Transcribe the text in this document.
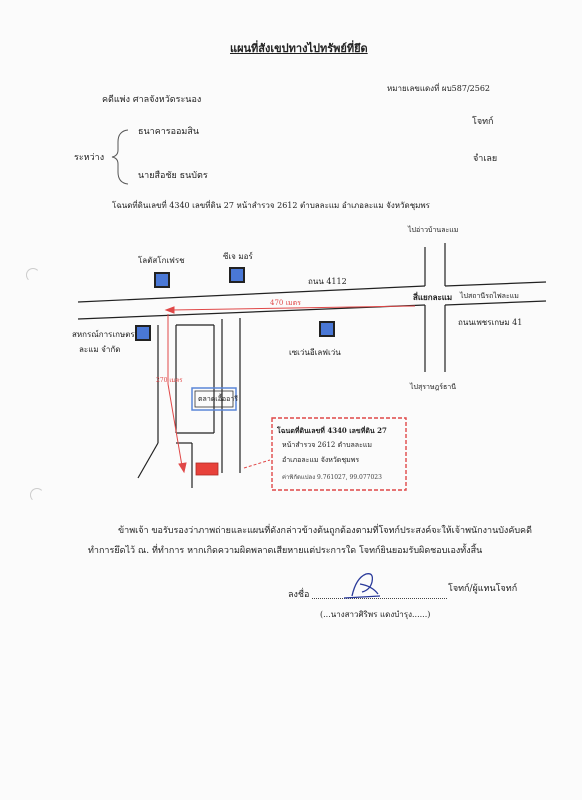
แผนที่สังเขปทางไปทรัพย์ที่ยึด
หมายเลขแดงที่ ผบ587/2562
คดีแพ่ง ศาลจังหวัดระนอง
โจทก์
ระหว่าง
ธนาคารออมสิน
นายสือชัย ธนบัตร
จำเลย
โฉนดที่ดินเลขที่ 4340 เลขที่ดิน 27 หน้าสำรวจ 2612 ตำบลละแม อำเภอละแม จังหวัดชุมพร
ไปอ่าวบ้านละแม
โลตัสโกเฟรช	ซีเจ มอร์
ถนน 4112
สี่แยกละแม ไปสถานีรถไฟละแม
470 เมตร
สหกรณ์การเกษตร
ละแม จำกัด
ถนนเพชรเกษม 41
เซเว่นอีเลฟเว่น
ไปสุราษฎร์ธานี
270 เมตร
ตลาดเอื้ออารี
โฉนดที่ดินเลขที่ 4340 เลขที่ดิน 27
หน้าสำรวจ 2612 ตำบลละแม
อำเภอละแม จังหวัดชุมพร
ค่าพิกัดแปลง 9.761027, 99.077023
ข้าพเจ้า ขอรับรองว่าภาพถ่ายและแผนที่ดังกล่าวข้างต้นถูกต้องตามที่โจทก์ประสงค์จะให้เจ้าพนักงานบังคับคดี
ทำการยึดไว้ ณ. ที่ทำการ หากเกิดความผิดพลาดเสียหายแต่ประการใด โจทก์ยินยอมรับผิดชอบเองทั้งสิ้น
ลงชื่อ
โจทก์/ผู้แทนโจทก์
(...นางสาวศิริพร แดงบำรุง......)
